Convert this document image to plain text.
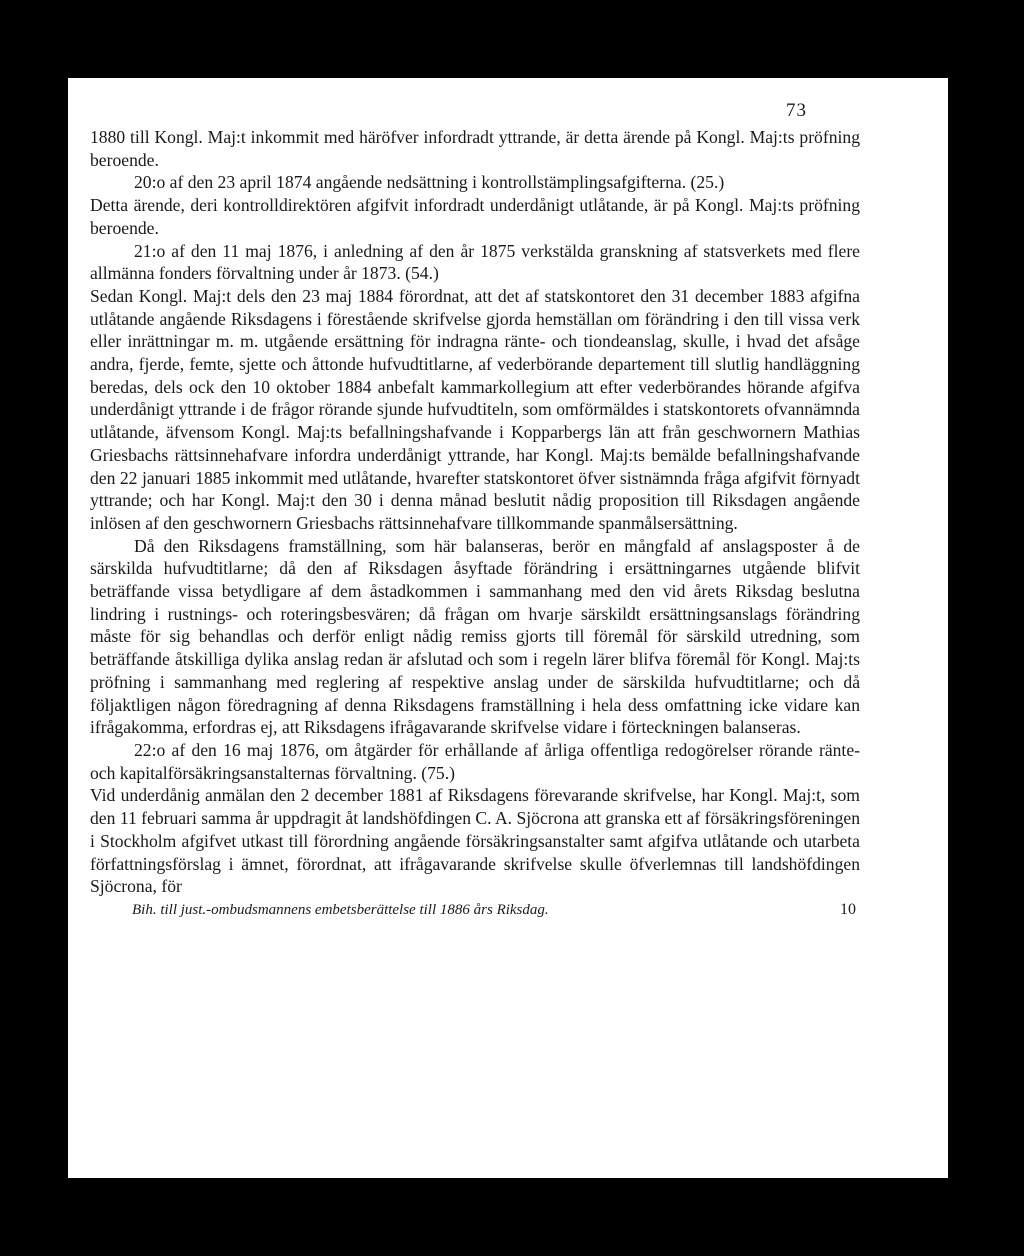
73

1880 till Kongl. Maj:t inkommit med häröfver infordradt yttrande, är detta ärende på Kongl. Maj:ts pröfning beroende.

20:o af den 23 april 1874 angående nedsättning i kontrollstämplingsafgifterna. (25.)

Detta ärende, deri kontrolldirektören afgifvit infordradt underdånigt utlåtande, är på Kongl. Maj:ts pröfning beroende.

21:o af den 11 maj 1876, i anledning af den år 1875 verkstälda granskning af statsverkets med flere allmänna fonders förvaltning under år 1873. (54.)

Sedan Kongl. Maj:t dels den 23 maj 1884 förordnat, att det af statskontoret den 31 december 1883 afgifna utlåtande angående Riksdagens i förestående skrifvelse gjorda hemställan om förändring i den till vissa verk eller inrättningar m. m. utgående ersättning för indragna ränte- och tiondeanslag, skulle, i hvad det afsåge andra, fjerde, femte, sjette och åttonde hufvudtitlarne, af vederbörande departement till slutlig handläggning beredas, dels ock den 10 oktober 1884 anbefalt kammarkollegium att efter vederbörandes hörande afgifva underdånigt yttrande i de frågor rörande sjunde hufvudtiteln, som omförmäldes i statskontorets ofvannämnda utlåtande, äfvensom Kongl. Maj:ts befallningshafvande i Kopparbergs län att från geschwornern Mathias Griesbachs rättsinnehafvare infordra underdånigt yttrande, har Kongl. Maj:ts bemälde befallningshafvande den 22 januari 1885 inkommit med utlåtande, hvarefter statskontoret öfver sistnämnda fråga afgifvit förnyadt yttrande; och har Kongl. Maj:t den 30 i denna månad beslutit nådig proposition till Riksdagen angående inlösen af den geschwornern Griesbachs rättsinnehafvare tillkommande spanmålsersättning.

Då den Riksdagens framställning, som här balanseras, berör en mångfald af anslagsposter å de särskilda hufvudtitlarne; då den af Riksdagen åsyftade förändring i ersättningarnes utgående blifvit beträffande vissa betydligare af dem åstadkommen i sammanhang med den vid årets Riksdag beslutna lindring i rustnings- och roteringsbesvären; då frågan om hvarje särskildt ersättningsanslags förändring måste för sig behandlas och derför enligt nådig remiss gjorts till föremål för särskild utredning, som beträffande åtskilliga dylika anslag redan är afslutad och som i regeln lärer blifva föremål för Kongl. Maj:ts pröfning i sammanhang med reglering af respektive anslag under de särskilda hufvudtitlarne; och då följaktligen någon föredragning af denna Riksdagens framställning i hela dess omfattning icke vidare kan ifrågakomma, erfordras ej, att Riksdagens ifrågavarande skrifvelse vidare i förteckningen balanseras.

22:o af den 16 maj 1876, om åtgärder för erhållande af årliga offentliga redogörelser rörande ränte- och kapitalförsäkringsanstalternas förvaltning. (75.)

Vid underdånig anmälan den 2 december 1881 af Riksdagens förevarande skrifvelse, har Kongl. Maj:t, som den 11 februari samma år uppdragit åt landshöfdingen C. A. Sjöcrona att granska ett af försäkringsföreningen i Stockholm afgifvet utkast till förordning angående försäkringsanstalter samt afgifva utlåtande och utarbeta författningsförslag i ämnet, förordnat, att ifrågavarande skrifvelse skulle öfverlemnas till landshöfdingen Sjöcrona, för

Bih. till just.-ombudsmannens embetsberättelse till 1886 års Riksdag.	10
